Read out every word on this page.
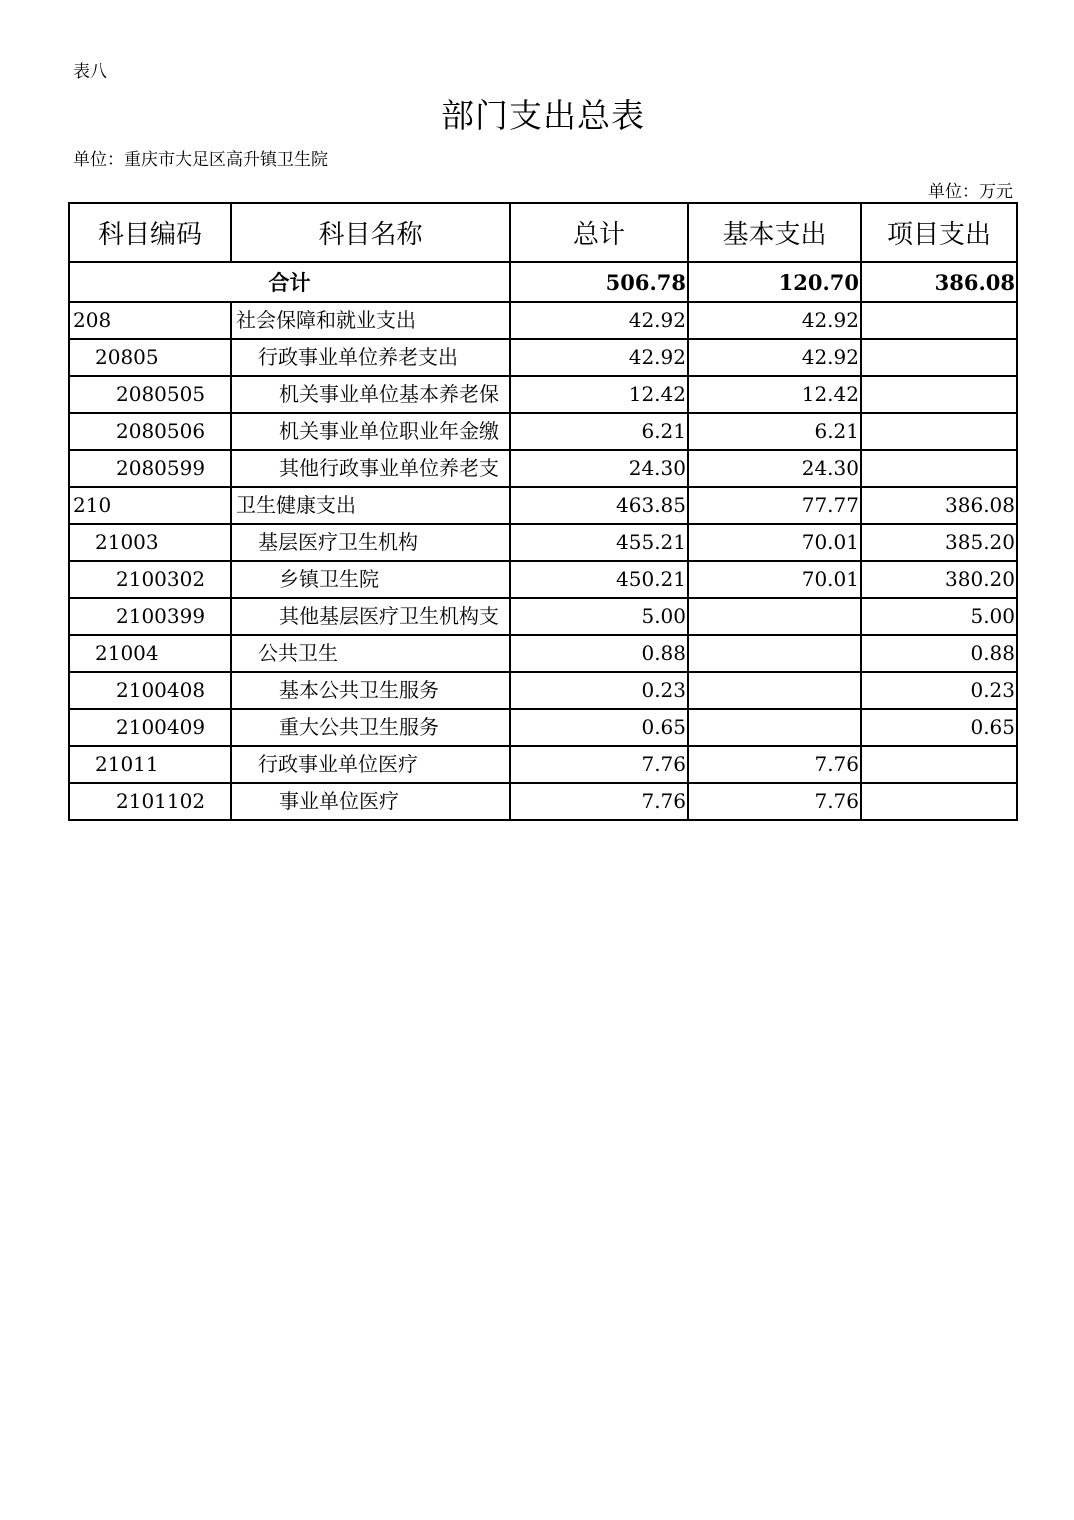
表八
部门支出总表
单位：重庆市大足区高升镇卫生院
单位：万元
科目编码	科目名称	总计	基本支出	项目支出
合计		506.78	120.70	386.08

208	社会保障和就业支出	42.92	42.92	

20805	行政事业单位养老支出	42.92	42.92	

2080505	机关事业单位基本养老保	12.42	12.42	

2080506	机关事业单位职业年金缴	6.21	6.21	

2080599	其他行政事业单位养老支	24.30	24.30	

210	卫生健康支出	463.85	77.77	386.08

21003	基层医疗卫生机构	455.21	70.01	385.20

2100302	乡镇卫生院	450.21	70.01	380.20

2100399	其他基层医疗卫生机构支	5.00		5.00

21004	公共卫生	0.88		0.88

2100408	基本公共卫生服务	0.23		0.23

2100409	重大公共卫生服务	0.65		0.65

21011	行政事业单位医疗	7.76	7.76	

2101102	事业单位医疗	7.76	7.76	
